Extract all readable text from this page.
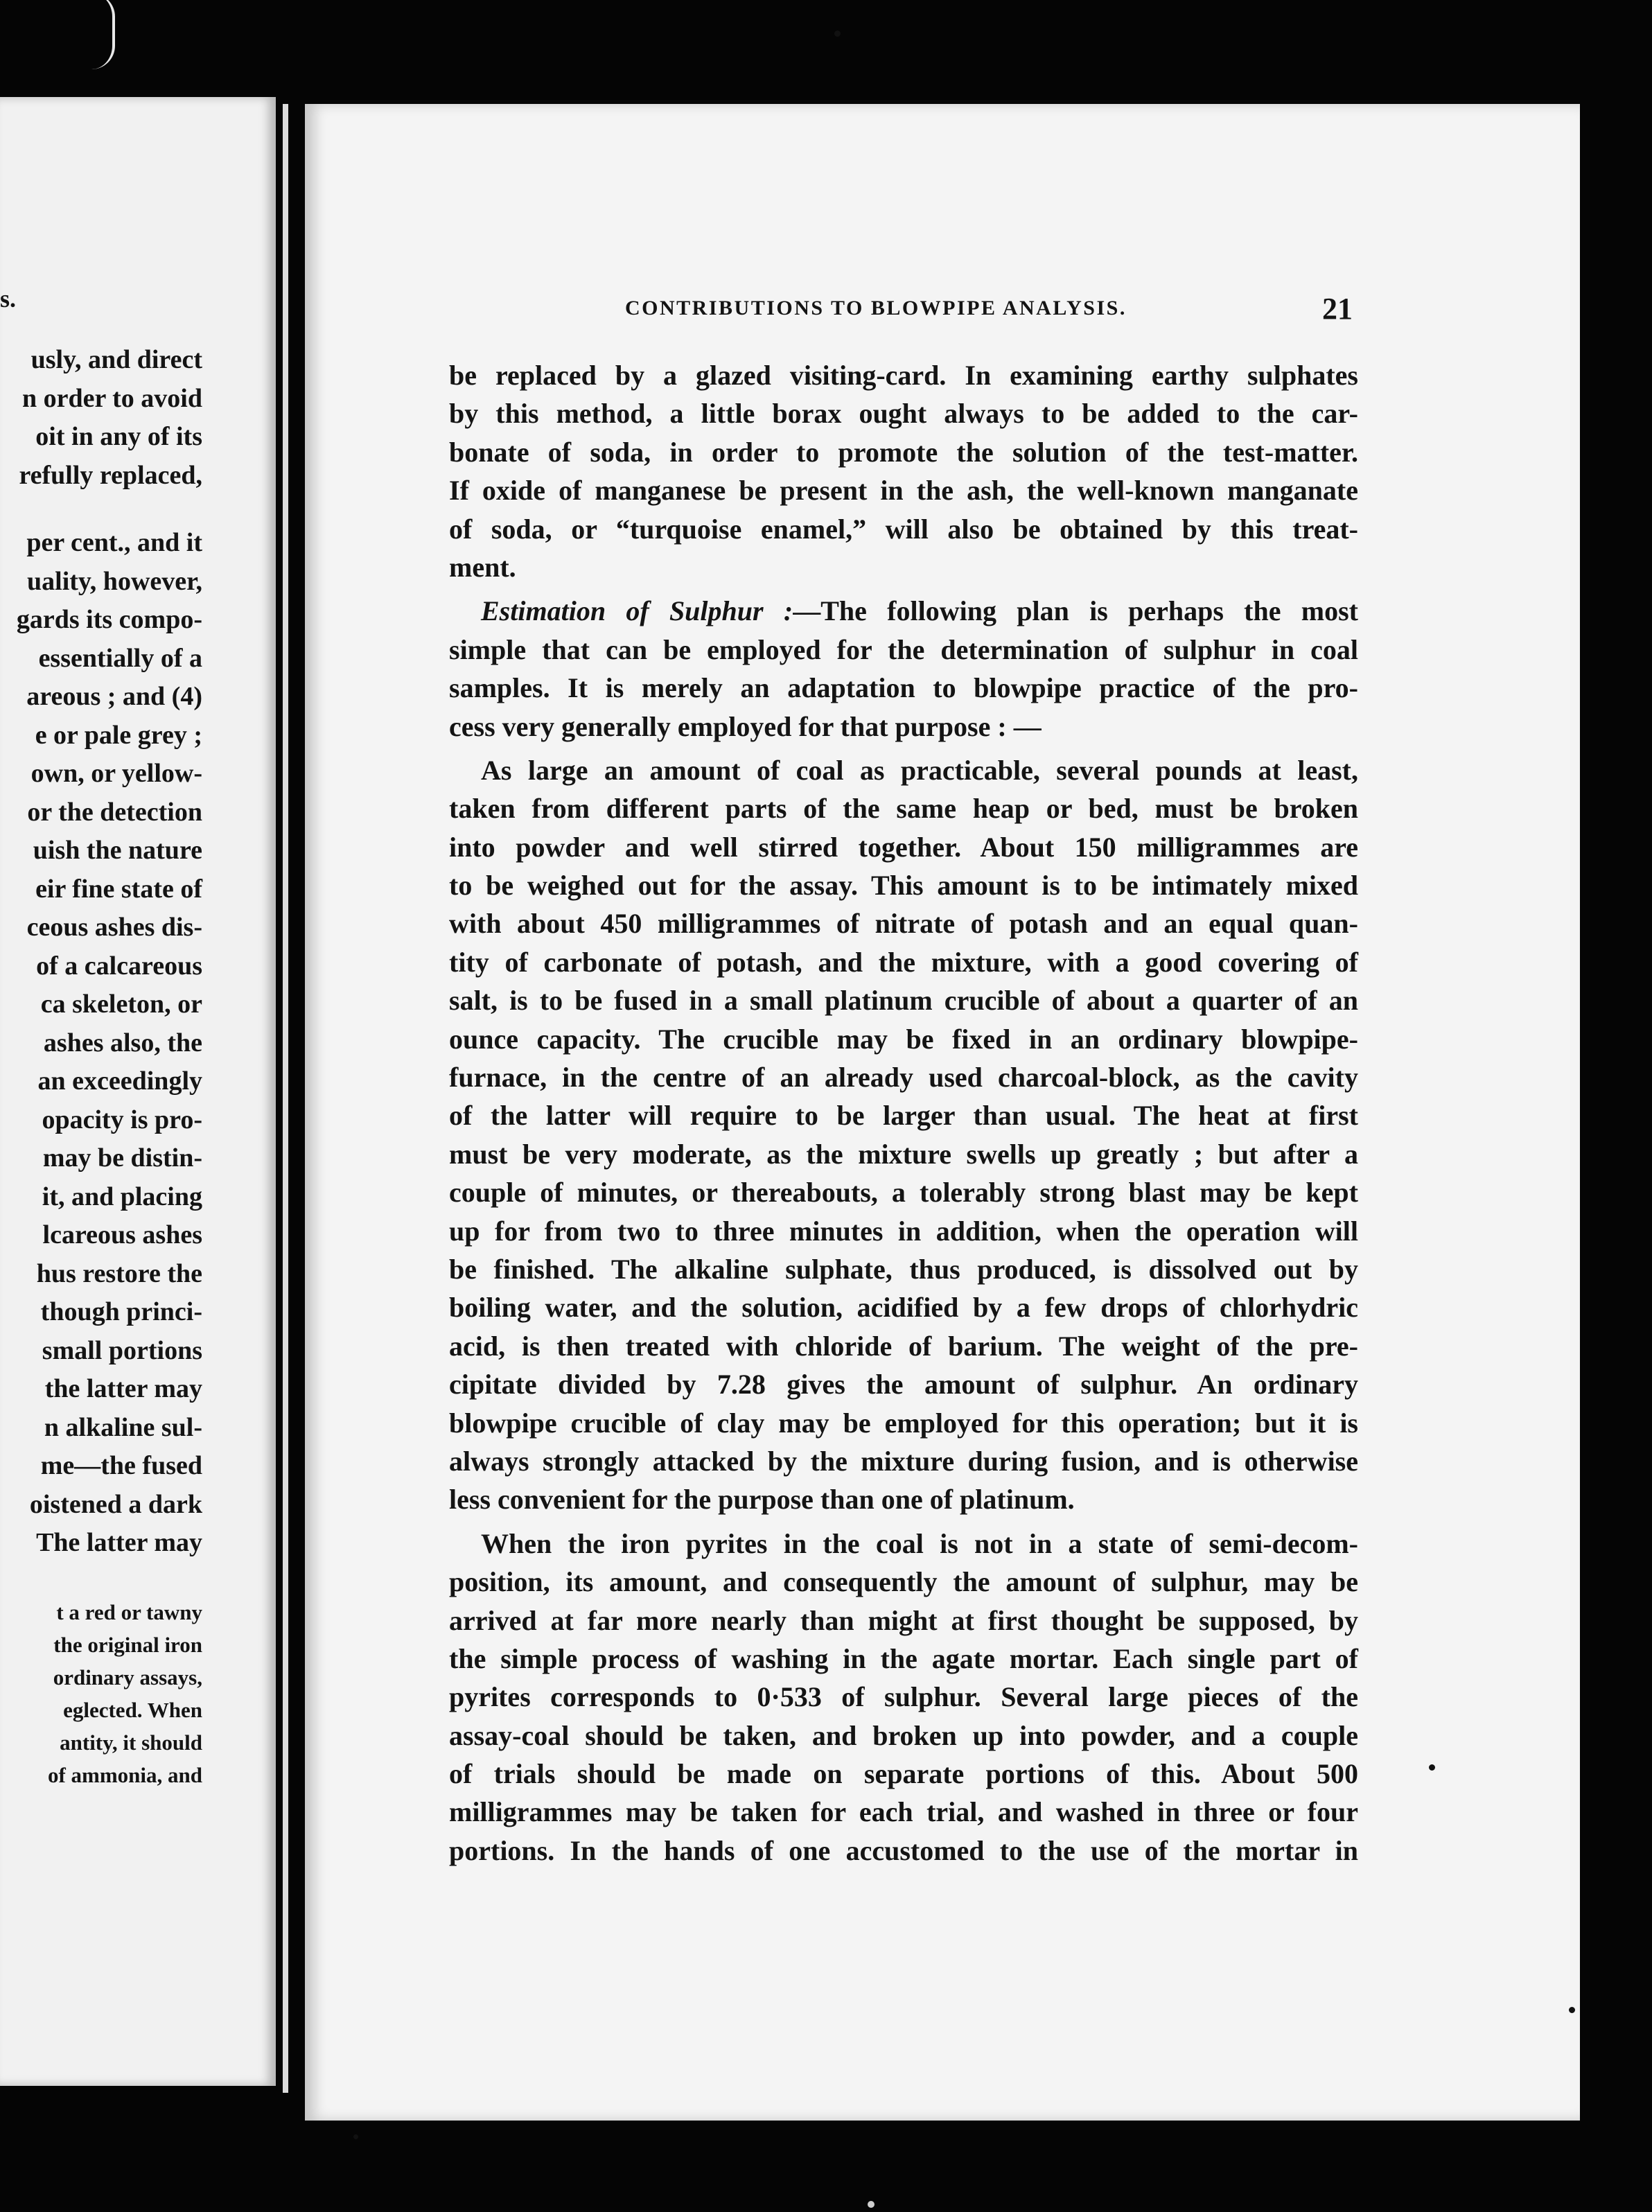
s.
usly, and direct
n order to avoid
oit in any of its
refully replaced,
per cent., and it
uality, however,
gards its compo-
essentially of a
areous ; and (4)
e or pale grey ;
own, or yellow-
or the detection
uish the nature
eir fine state of
ceous ashes dis-
of a calcareous
ca skeleton, or
ashes also, the
an exceedingly
opacity is pro-
may be distin-
it, and placing
lcareous ashes
hus restore the
though princi-
small portions
the latter may
n alkaline sul-
me—the fused
oistened a dark
The latter may
t a red or tawny
the original iron
ordinary assays,
eglected. When
antity, it should
of ammonia, and
CONTRIBUTIONS TO BLOWPIPE ANALYSIS.	21
be replaced by a glazed visiting-card. In examining earthy sulphates
by this method, a little borax ought always to be added to the car-
bonate of soda, in order to promote the solution of the test-matter.
If oxide of manganese be present in the ash, the well-known manganate
of soda, or “turquoise enamel,” will also be obtained by this treat-
ment.
Estimation of Sulphur :—The following plan is perhaps the most
simple that can be employed for the determination of sulphur in coal
samples. It is merely an adaptation to blowpipe practice of the pro-
cess very generally employed for that purpose : —
As large an amount of coal as practicable, several pounds at least,
taken from different parts of the same heap or bed, must be broken
into powder and well stirred together. About 150 milligrammes are
to be weighed out for the assay. This amount is to be intimately mixed
with about 450 milligrammes of nitrate of potash and an equal quan-
tity of carbonate of potash, and the mixture, with a good covering of
salt, is to be fused in a small platinum crucible of about a quarter of an
ounce capacity. The crucible may be fixed in an ordinary blowpipe-
furnace, in the centre of an already used charcoal-block, as the cavity
of the latter will require to be larger than usual. The heat at first
must be very moderate, as the mixture swells up greatly ; but after a
couple of minutes, or thereabouts, a tolerably strong blast may be kept
up for from two to three minutes in addition, when the operation will
be finished. The alkaline sulphate, thus produced, is dissolved out by
boiling water, and the solution, acidified by a few drops of chlorhydric
acid, is then treated with chloride of barium. The weight of the pre-
cipitate divided by 7.28 gives the amount of sulphur. An ordinary
blowpipe crucible of clay may be employed for this operation; but it is
always strongly attacked by the mixture during fusion, and is otherwise
less convenient for the purpose than one of platinum.
When the iron pyrites in the coal is not in a state of semi-decom-
position, its amount, and consequently the amount of sulphur, may be
arrived at far more nearly than might at first thought be supposed, by
the simple process of washing in the agate mortar. Each single part of
pyrites corresponds to 0·533 of sulphur. Several large pieces of the
assay-coal should be taken, and broken up into powder, and a couple
of trials should be made on separate portions of this. About 500
milligrammes may be taken for each trial, and washed in three or four
portions. In the hands of one accustomed to the use of the mortar in
